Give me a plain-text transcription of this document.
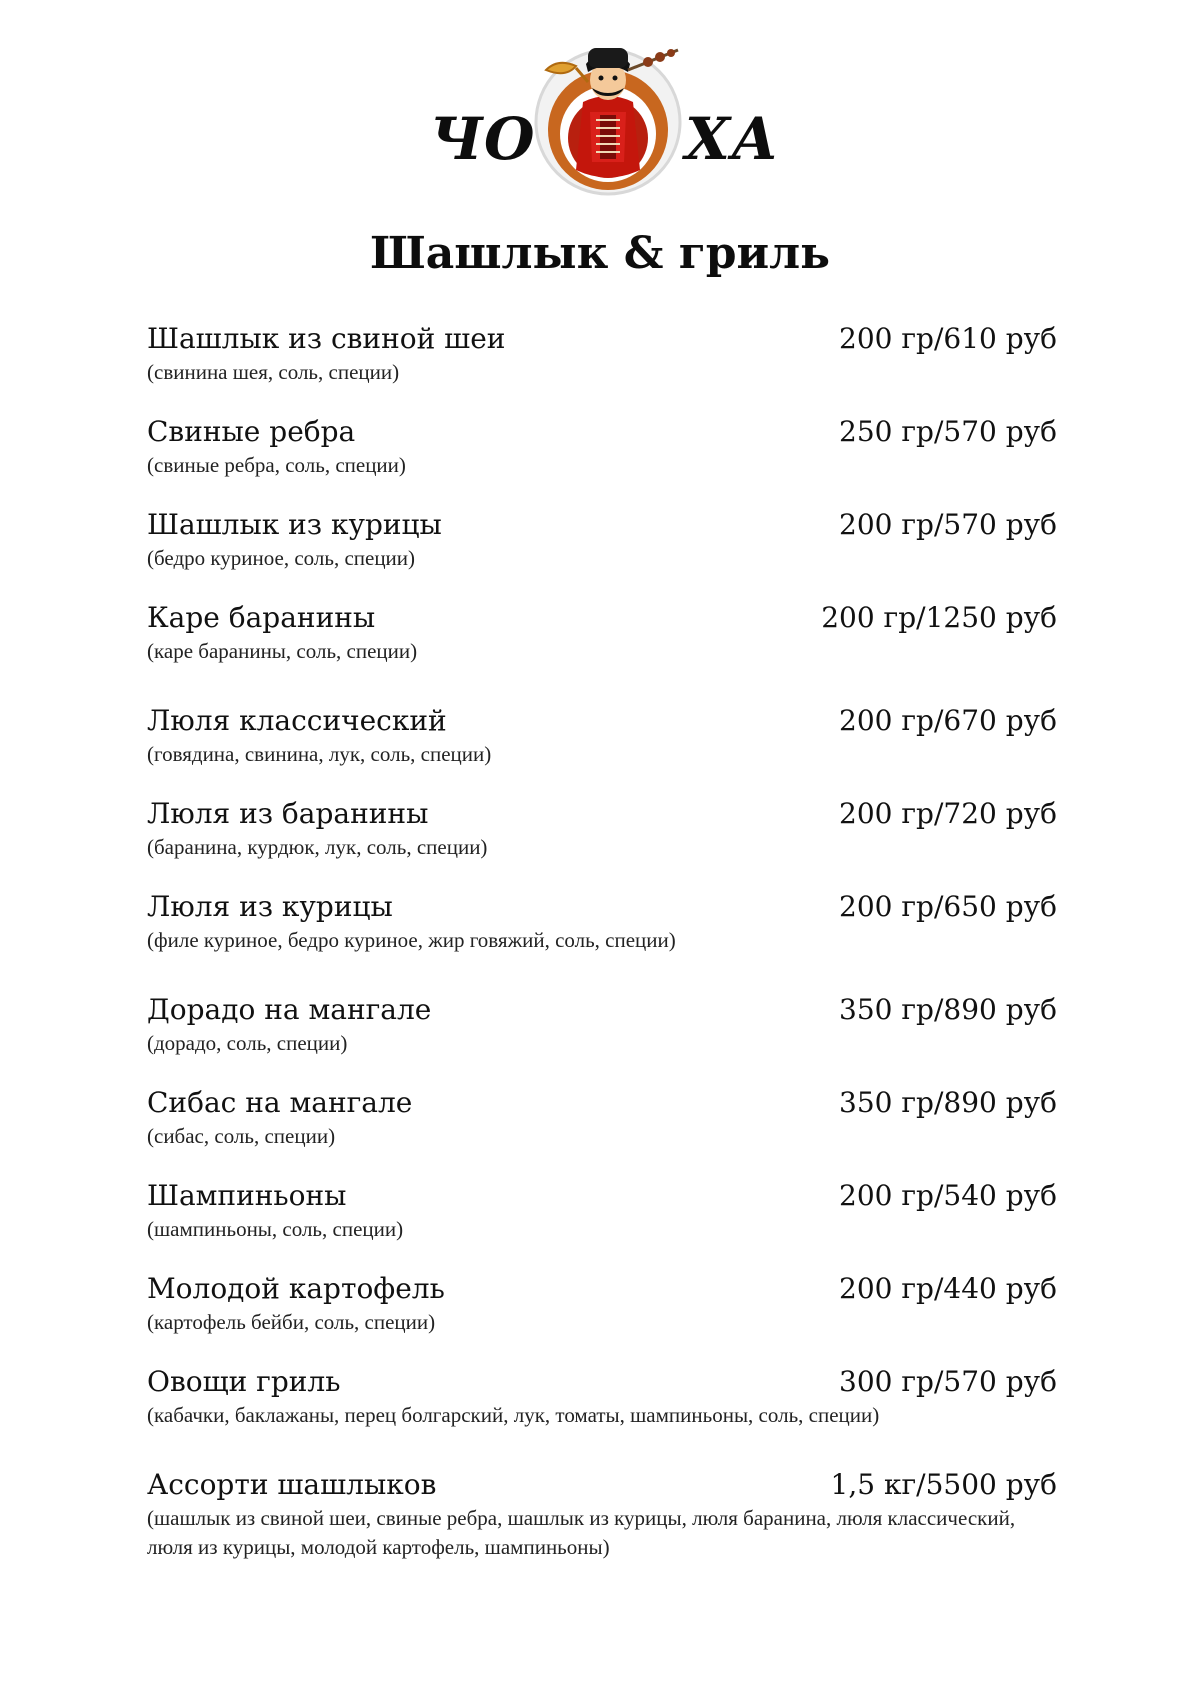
ЧО	ХА
Шашлык & гриль
Шашлык из свиной шеи	200 гр/610 руб
(свинина шея, соль, специи)
Свиные ребра	250 гр/570 руб
(свиные ребра, соль, специи)
Шашлык из курицы	200 гр/570 руб
(бедро куриное, соль, специи)
Каре баранины	200 гр/1250 руб
(каре баранины, соль, специи)
Люля классический	200 гр/670 руб
(говядина, свинина, лук, соль, специи)
Люля из баранины	200 гр/720 руб
(баранина, курдюк, лук, соль, специи)
Люля из курицы	200 гр/650 руб
(филе куриное, бедро куриное, жир говяжий, соль, специи)
Дорадо на мангале	350 гр/890 руб
(дорадо, соль, специи)
Сибас на мангале	350 гр/890 руб
(сибас, соль, специи)
Шампиньоны	200 гр/540 руб
(шампиньоны, соль, специи)
Молодой картофель	200 гр/440 руб
(картофель бейби, соль, специи)
Овощи гриль	300 гр/570 руб
(кабачки, баклажаны, перец болгарский, лук, томаты, шампиньоны, соль, специи)
Ассорти шашлыков	1,5 кг/5500 руб
(шашлык из свиной шеи, свиные ребра, шашлык из курицы, люля баранина, люля классический, люля из курицы, молодой картофель, шампиньоны)
